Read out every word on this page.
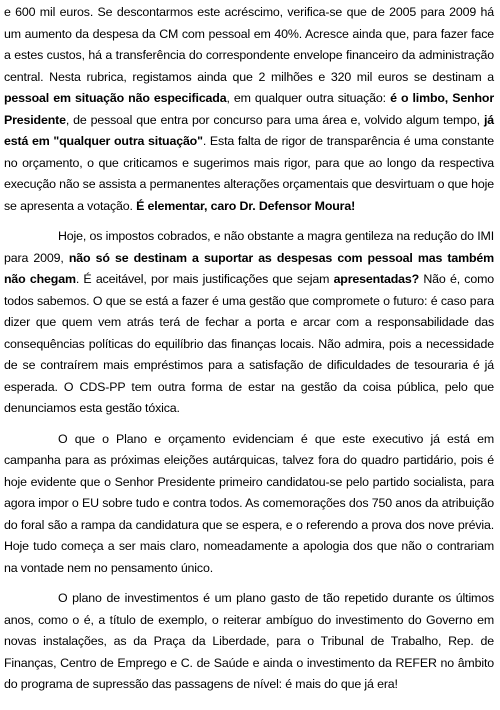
e 600 mil euros. Se descontarmos este acréscimo, verifica-se que de 2005 para 2009 há um aumento da despesa da CM com pessoal em 40%. Acresce ainda que, para fazer face a estes custos, há a transferência do correspondente envelope financeiro da administração central. Nesta rubrica, registamos ainda que 2 milhões e 320 mil euros se destinam a pessoal em situação não especificada, em qualquer outra situação: é o limbo, Senhor Presidente, de pessoal que entra por concurso para uma área e, volvido algum tempo, já está em "qualquer outra situação". Esta falta de rigor de transparência é uma constante no orçamento, o que criticamos e sugerimos mais rigor, para que ao longo da respectiva execução não se assista a permanentes alterações orçamentais que desvirtuam o que hoje se apresenta a votação. É elementar, caro Dr. Defensor Moura!

Hoje, os impostos cobrados, e não obstante a magra gentileza na redução do IMI para 2009, não só se destinam a suportar as despesas com pessoal mas também não chegam. É aceitável, por mais justificações que sejam apresentadas? Não é, como todos sabemos. O que se está a fazer é uma gestão que compromete o futuro: é caso para dizer que quem vem atrás terá de fechar a porta e arcar com a responsabilidade das consequências políticas do equilíbrio das finanças locais. Não admira, pois a necessidade de se contraírem mais empréstimos para a satisfação de dificuldades de tesouraria é já esperada. O CDS-PP tem outra forma de estar na gestão da coisa pública, pelo que denunciamos esta gestão tóxica.

O que o Plano e orçamento evidenciam é que este executivo já está em campanha para as próximas eleições autárquicas, talvez fora do quadro partidário, pois é hoje evidente que o Senhor Presidente primeiro candidatou-se pelo partido socialista, para agora impor o EU sobre tudo e contra todos. As comemorações dos 750 anos da atribuição do foral são a rampa da candidatura que se espera, e o referendo a prova dos nove prévia. Hoje tudo começa a ser mais claro, nomeadamente a apologia dos que não o contrariam na vontade nem no pensamento único.

O plano de investimentos é um plano gasto de tão repetido durante os últimos anos, como o é, a título de exemplo, o reiterar ambíguo do investimento do Governo em novas instalações, as da Praça da Liberdade, para o Tribunal de Trabalho, Rep. de Finanças, Centro de Emprego e C. de Saúde e ainda o investimento da REFER no âmbito do programa de supressão das passagens de nível: é mais do que já era!
